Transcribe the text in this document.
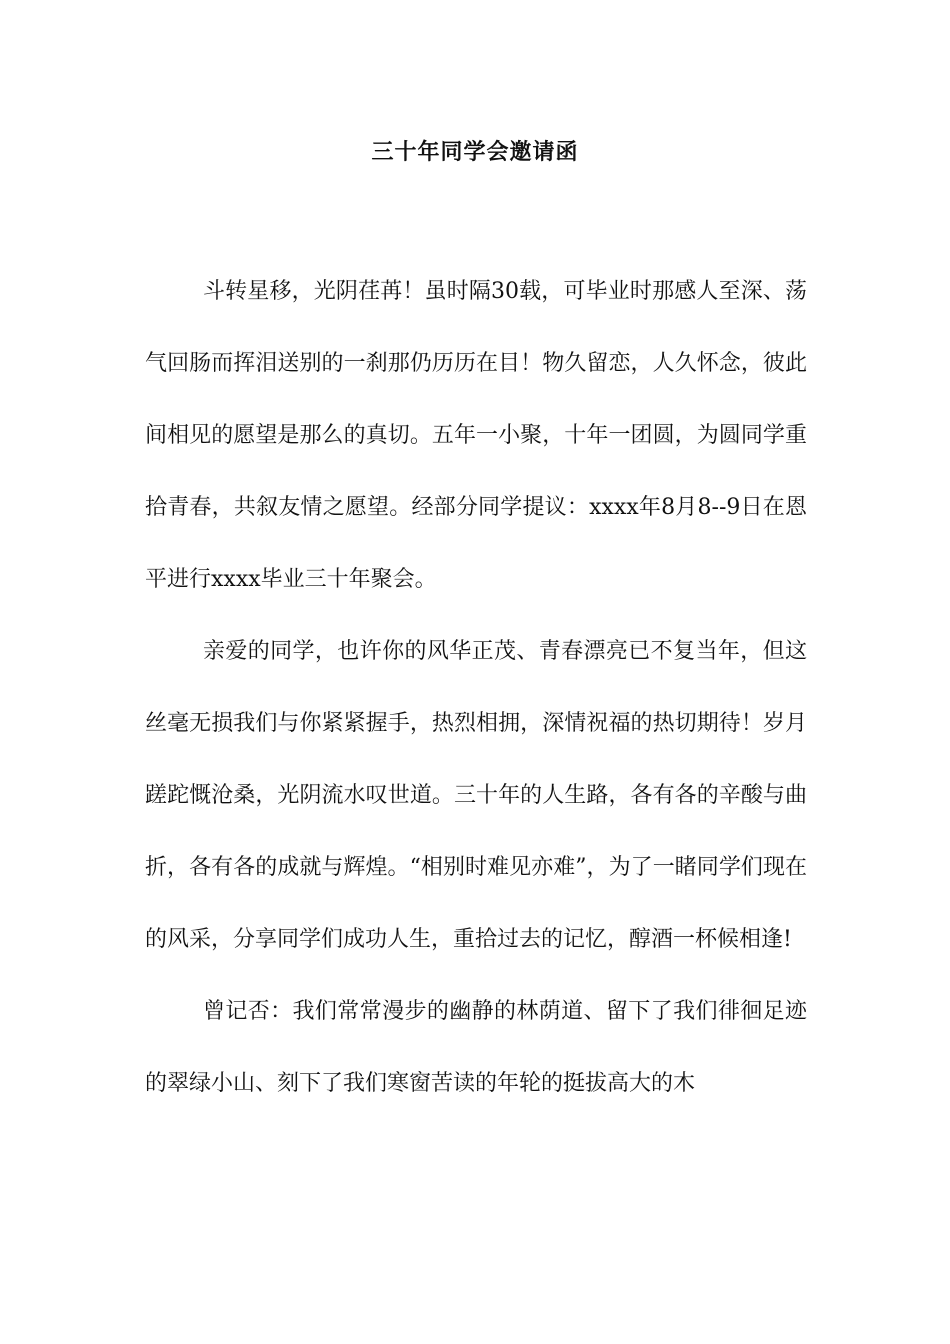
三十年同学会邀请函

斗转星移，光阴荏苒！虽时隔30载，可毕业时那感人至深、荡气回肠而挥泪送别的一刹那仍历历在目！物久留恋，人久怀念，彼此间相见的愿望是那么的真切。五年一小聚，十年一团圆，为圆同学重拾青春，共叙友情之愿望。经部分同学提议：xxxx年8月8--9日在恩平进行xxxx毕业三十年聚会。

亲爱的同学，也许你的风华正茂、青春漂亮已不复当年，但这丝毫无损我们与你紧紧握手，热烈相拥，深情祝福的热切期待！岁月蹉跎慨沧桑，光阴流水叹世道。三十年的人生路，各有各的辛酸与曲折，各有各的成就与辉煌。“相别时难见亦难”，为了一睹同学们现在的风采，分享同学们成功人生，重拾过去的记忆，醇酒一杯候相逢!

曾记否：我们常常漫步的幽静的林荫道、留下了我们徘徊足迹的翠绿小山、刻下了我们寒窗苦读的年轮的挺拔高大的木
